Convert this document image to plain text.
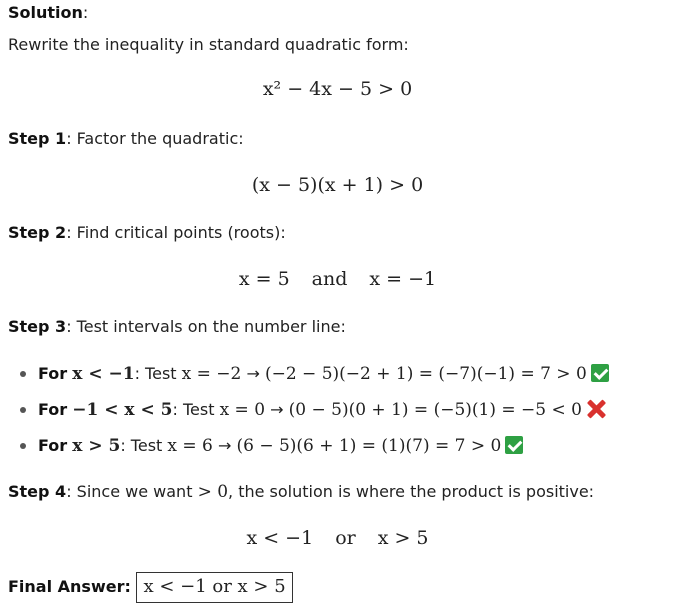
Solution:
Rewrite the inequality in standard quadratic form:
x² − 4x − 5 > 0
Step 1: Factor the quadratic:
(x − 5)(x + 1) > 0
Step 2: Find critical points (roots):
x = 5 and x = −1
Step 3: Test intervals on the number line:
For x < −1: Test x = −2 → (−2 − 5)(−2 + 1) = (−7)(−1) = 7 > 0
For −1 < x < 5: Test x = 0 → (0 − 5)(0 + 1) = (−5)(1) = −5 < 0
For x > 5: Test x = 6 → (6 − 5)(6 + 1) = (1)(7) = 7 > 0
Step 4: Since we want > 0, the solution is where the product is positive:
x < −1 or x > 5
Final Answer: x < −1 or x > 5
